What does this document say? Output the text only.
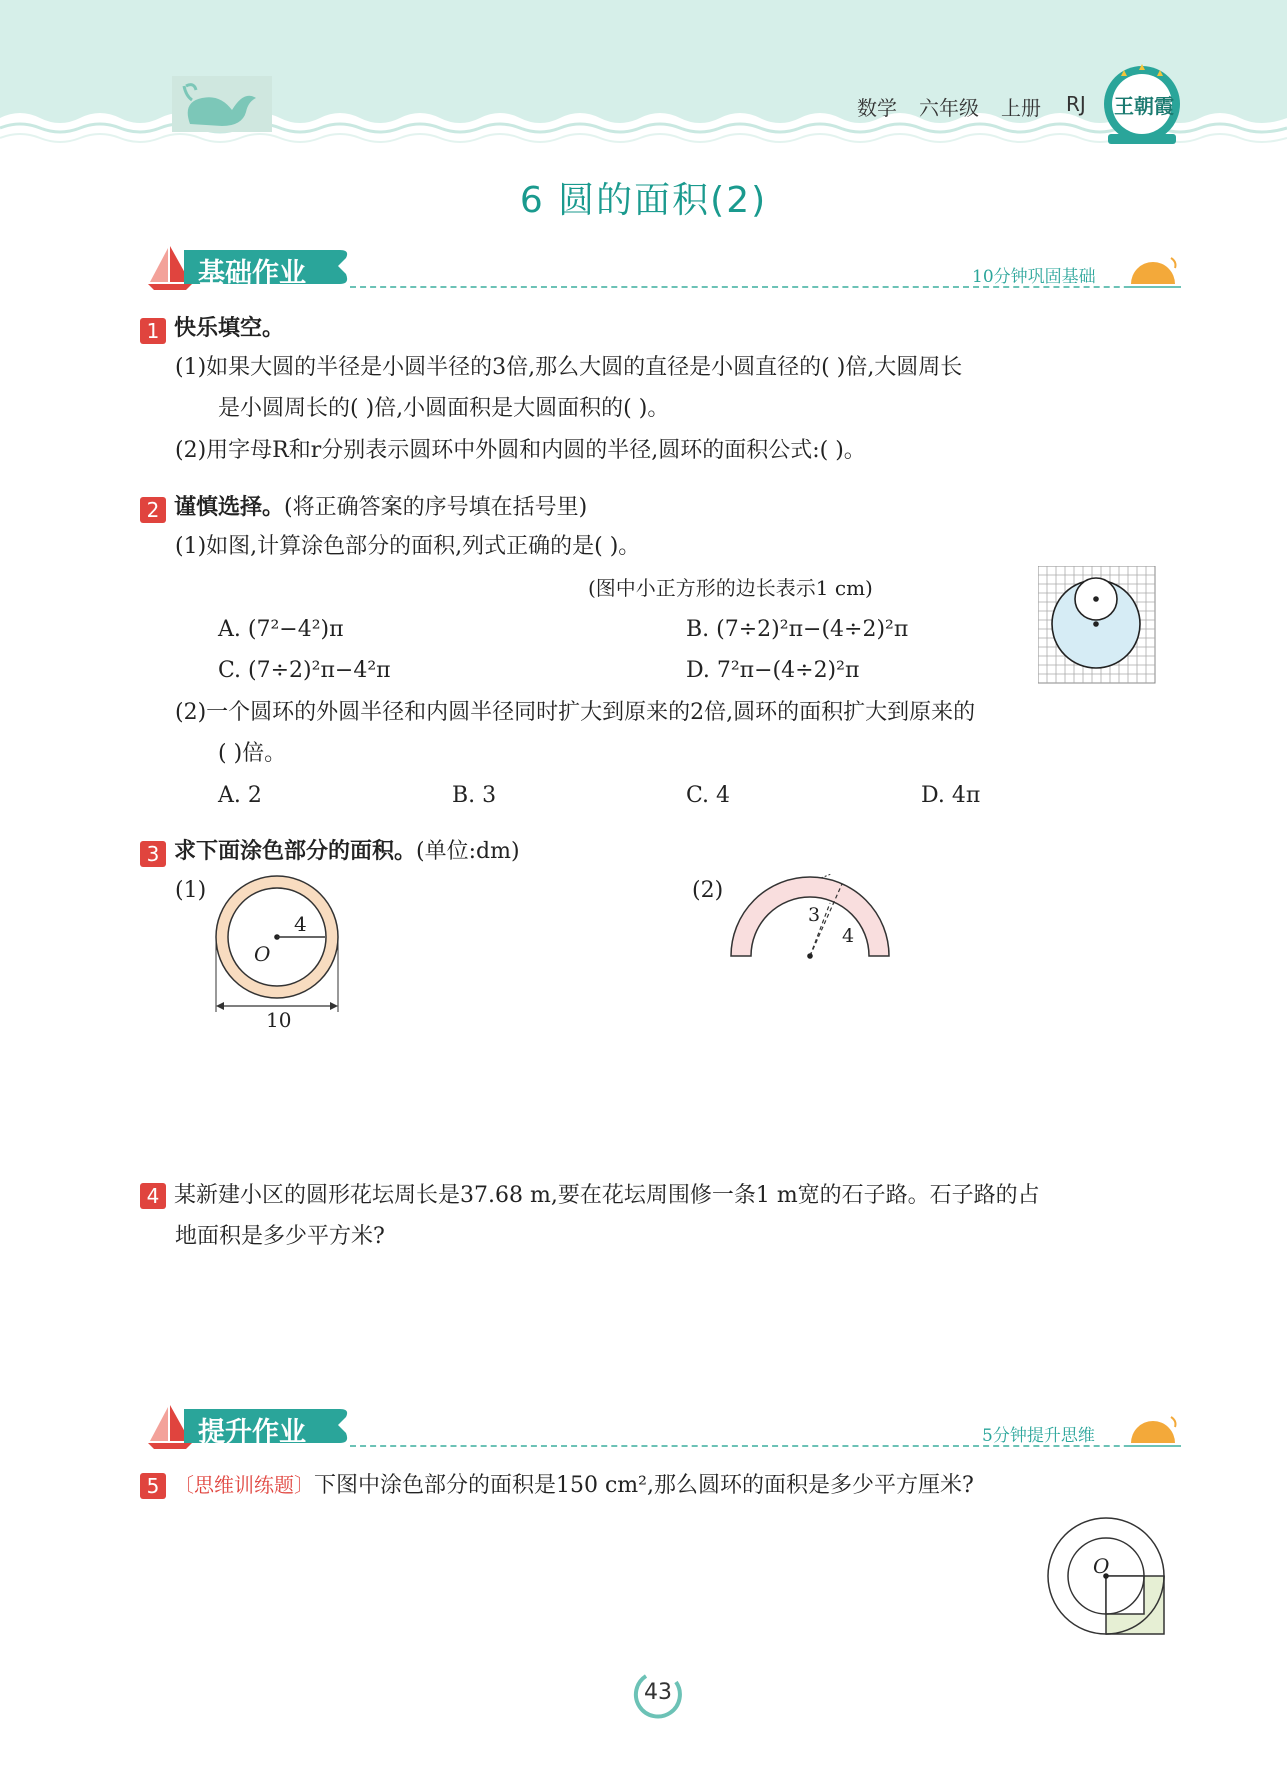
数学 六年级 上册 RJ 王朝霞
6 圆的面积(2)
基础作业	10分钟巩固基础
1 快乐填空。
(1)如果大圆的半径是小圆半径的3倍,那么大圆的直径是小圆直径的( )倍,大圆周长
是小圆周长的( )倍,小圆面积是大圆面积的( )。
(2)用字母R和r分别表示圆环中外圆和内圆的半径,圆环的面积公式:( )。
2 谨慎选择。(将正确答案的序号填在括号里)
(1)如图,计算涂色部分的面积,列式正确的是( )。
(图中小正方形的边长表示1 cm)
A. (7²−4²)π	B. (7÷2)²π−(4÷2)²π
C. (7÷2)²π−4²π	D. 7²π−(4÷2)²π
(2)一个圆环的外圆半径和内圆半径同时扩大到原来的2倍,圆环的面积扩大到原来的
( )倍。
A. 2	B. 3	C. 4	D. 4π
3 求下面涂色部分的面积。(单位:dm)
(1)	(2)
4
O
10
3
4
4 某新建小区的圆形花坛周长是37.68 m,要在花坛周围修一条1 m宽的石子路。石子路的占
地面积是多少平方米?
提升作业	5分钟提升思维
5 〔思维训练题〕下图中涂色部分的面积是150 cm²,那么圆环的面积是多少平方厘米?
O
43
